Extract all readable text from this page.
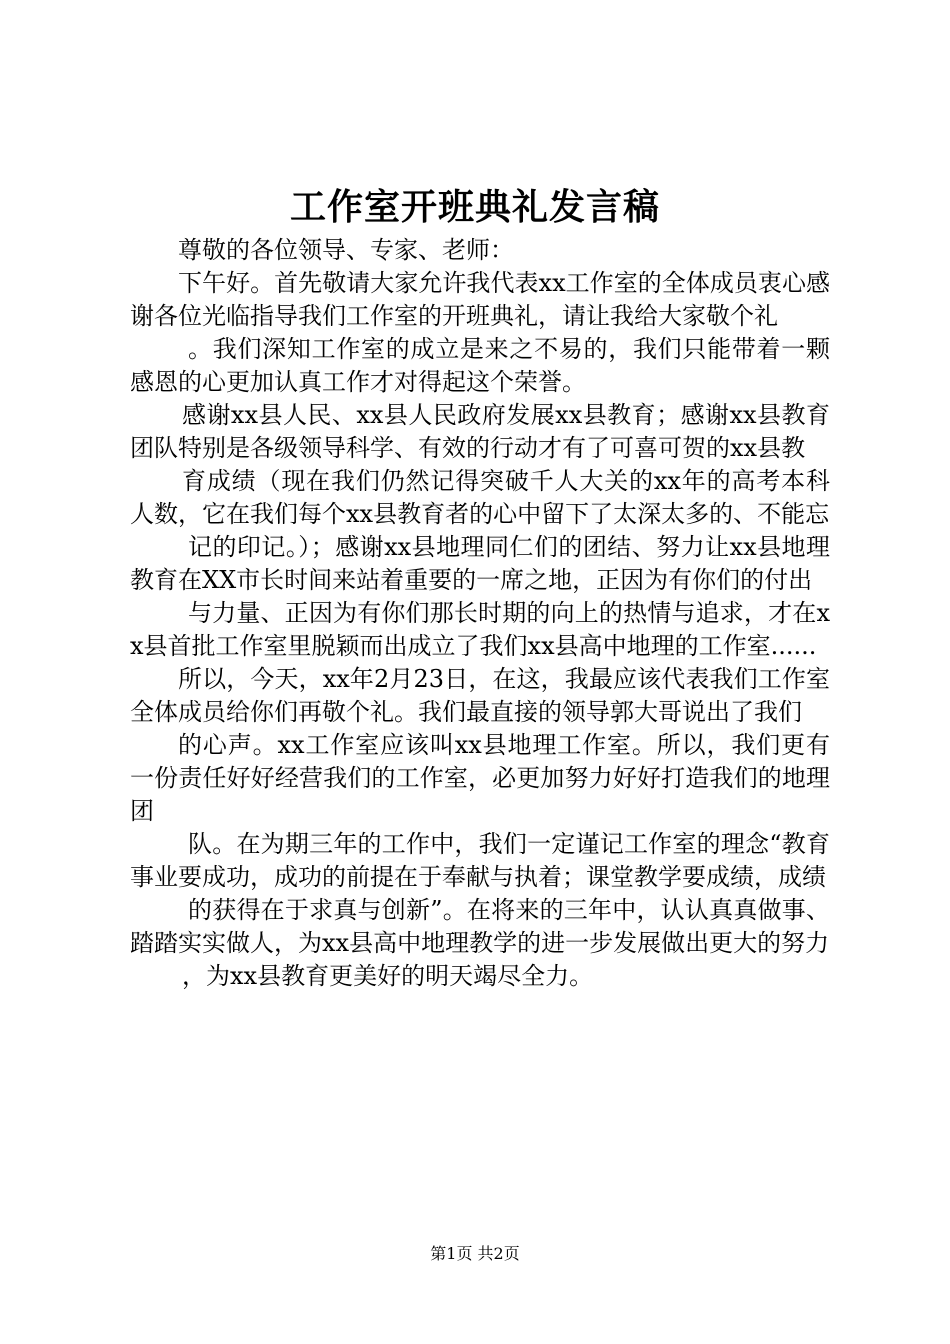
工作室开班典礼发言稿

尊敬的各位领导、专家、老师：

下午好。首先敬请大家允许我代表xx工作室的全体成员衷心感谢各位光临指导我们工作室的开班典礼，请让我给大家敬个礼

。我们深知工作室的成立是来之不易的，我们只能带着一颗感恩的心更加认真工作才对得起这个荣誉。

感谢xx县人民、xx县人民政府发展xx县教育；感谢xx县教育团队特别是各级领导科学、有效的行动才有了可喜可贺的xx县教

育成绩（现在我们仍然记得突破千人大关的xx年的高考本科人数，它在我们每个xx县教育者的心中留下了太深太多的、不能忘

记的印记。）；感谢xx县地理同仁们的团结、努力让xx县地理教育在XX市长时间来站着重要的一席之地，正因为有你们的付出

与力量、正因为有你们那长时期的向上的热情与追求，才在xx县首批工作室里脱颖而出成立了我们xx县高中地理的工作室......

所以，今天，xx年2月23日，在这，我最应该代表我们工作室全体成员给你们再敬个礼。我们最直接的领导郭大哥说出了我们

的心声。xx工作室应该叫xx县地理工作室。所以，我们更有一份责任好好经营我们的工作室，必更加努力好好打造我们的地理团

队。在为期三年的工作中，我们一定谨记工作室的理念“教育事业要成功，成功的前提在于奉献与执着；课堂教学要成绩，成绩

的获得在于求真与创新”。在将来的三年中，认认真真做事、踏踏实实做人，为xx县高中地理教学的进一步发展做出更大的努力

，为xx县教育更美好的明天竭尽全力。

第1页 共2页
